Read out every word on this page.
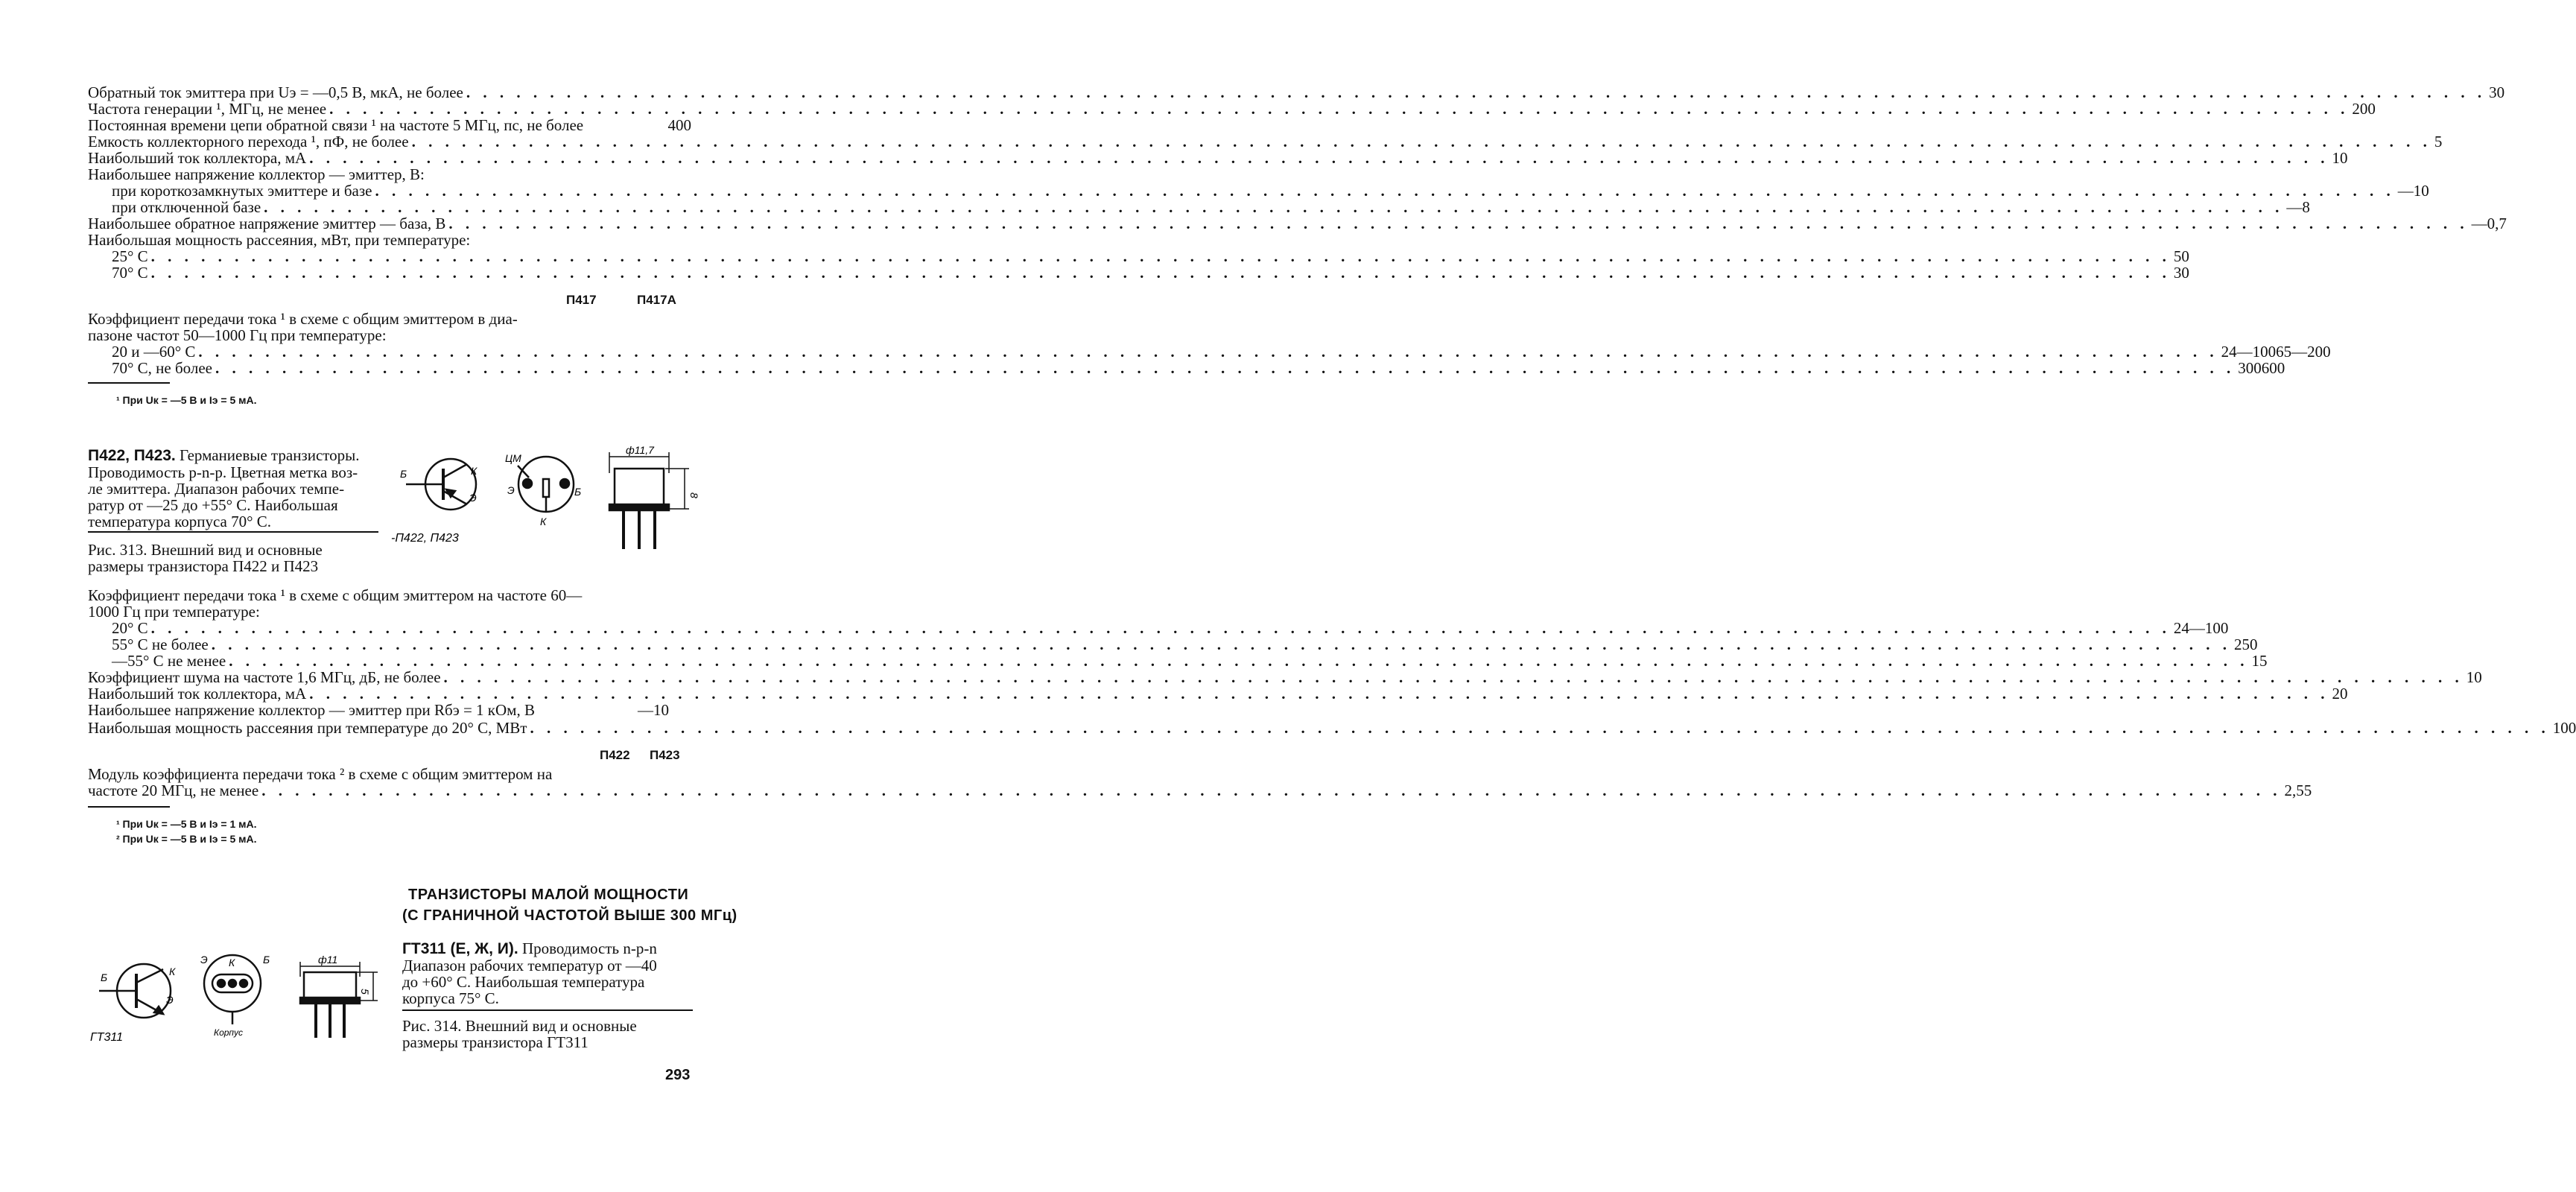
Обратный ток эмиттера при Uэ = —0,5 В, мкА, не более . . .	30
Частота генерации ¹, МГц, не менее . . .	200
Постоянная времени цепи обратной связи ¹ на частоте 5 МГц, пс, не более	400
Емкость коллекторного перехода ¹, пФ, не более . . .	5
Наибольший ток коллектора, мА . . .	10
Наибольшее напряжение коллектор — эмиттер, В:
при короткозамкнутых эмиттере и базе . . .	—10
при отключенной базе . . .	—8
Наибольшее обратное напряжение эмиттер — база, В . . .	—0,7
Наибольшая мощность рассеяния, мВт, при температуре:
25° С . . .	50
70° С . . .	30
П417	П417А
Коэффициент передачи тока ¹ в схеме с общим эмиттером в диа-
пазоне частот 50—1000 Гц при температуре:
20 и —60° С . . .	24—100 65—200
70° С, не более . . .	300 600
¹ При Uк = —5 В и Iэ = 5 мА.
П422, П423. Германиевые транзисторы.
Проводимость p-n-p. Цветная метка воз-
ле эмиттера. Диапазон рабочих темпе-
ратур от —25 до +55° С. Наибольшая
температура корпуса 70° С.
Рис. 313. Внешний вид и основные
размеры транзистора П422 и П423
Б	К
Э
-П422, П423
ЦМ
Э	Б
К
ф11,7
8
Коэффициент передачи тока ¹ в схеме с общим эмиттером на частоте 60—
1000 Гц при температуре:
20° С . . .	24—100
55° С не более . . .	250
—55° С не менее . . .	15
Коэффициент шума на частоте 1,6 МГц, дБ, не более . . .	10
Наибольший ток коллектора, мА . . .	20
Наибольшее напряжение коллектор — эмиттер при Rбэ = 1 кОм, В	—10
Наибольшая мощность рассеяния при температуре до 20° С, МВт . . .	100
П422 П423
Модуль коэффициента передачи тока ² в схеме с общим эмиттером на
частоте 20 МГц, не менее . . .	2,5 5
¹ При Uк = —5 В и Iэ = 1 мА.
² При Uк = —5 В и Iэ = 5 мА.
ТРАНЗИСТОРЫ МАЛОЙ МОЩНОСТИ
(С ГРАНИЧНОЙ ЧАСТОТОЙ ВЫШЕ 300 МГц)
ГТ311 (Е, Ж, И). Проводимость n-p-n
Диапазон рабочих температур от —40
до +60° С. Наибольшая температура
корпуса 75° С.
Рис. 314. Внешний вид и основные
размеры транзистора ГТ311
Б	К
Э
ГТ311
Э К	Б
Корпус
ф11
5
293
